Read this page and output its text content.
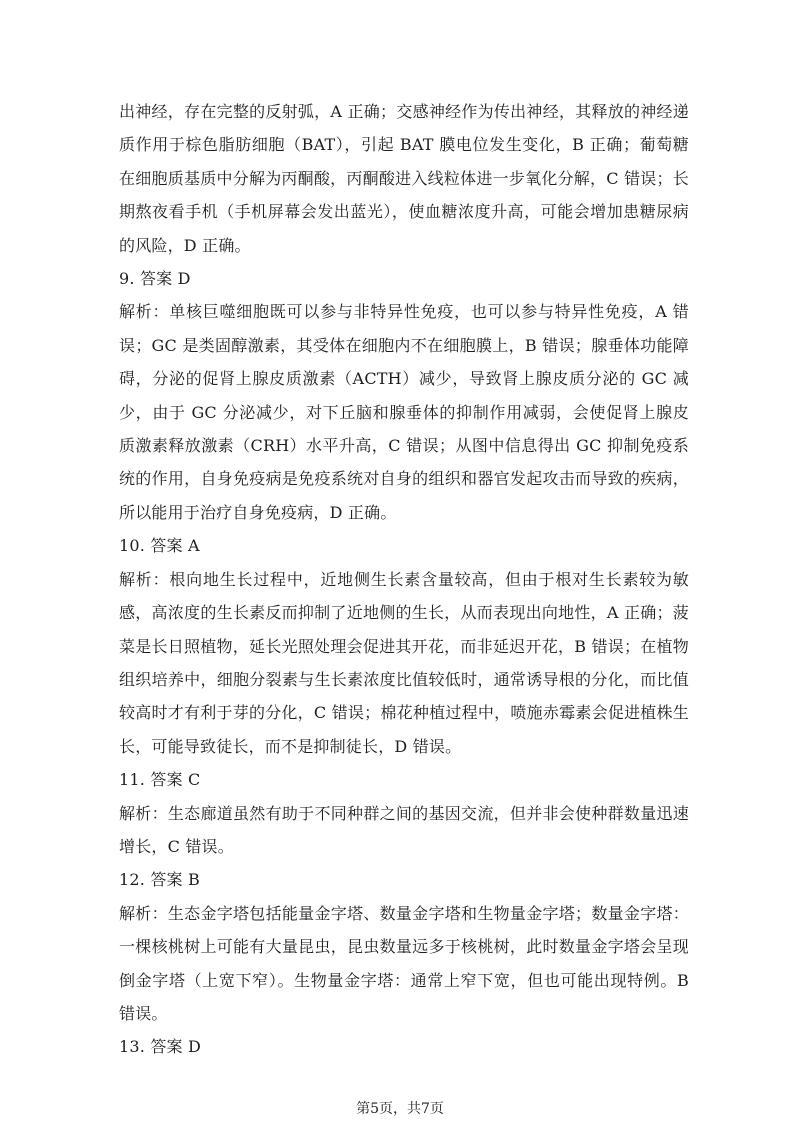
出神经，存在完整的反射弧，A 正确；交感神经作为传出神经，其释放的神经递质作用于棕色脂肪细胞（BAT），引起 BAT 膜电位发生变化，B 正确；葡萄糖在细胞质基质中分解为丙酮酸，丙酮酸进入线粒体进一步氧化分解，C 错误；长期熬夜看手机（手机屏幕会发出蓝光），使血糖浓度升高，可能会增加患糖尿病的风险，D 正确。

9. 答案 D

解析：单核巨噬细胞既可以参与非特异性免疫，也可以参与特异性免疫，A 错误；GC 是类固醇激素，其受体在细胞内不在细胞膜上，B 错误；腺垂体功能障碍，分泌的促肾上腺皮质激素（ACTH）减少，导致肾上腺皮质分泌的 GC 减少，由于 GC 分泌减少，对下丘脑和腺垂体的抑制作用减弱，会使促肾上腺皮质激素释放激素（CRH）水平升高，C 错误；从图中信息得出 GC 抑制免疫系统的作用，自身免疫病是免疫系统对自身的组织和器官发起攻击而导致的疾病，所以能用于治疗自身免疫病，D 正确。

10. 答案 A

解析：根向地生长过程中，近地侧生长素含量较高，但由于根对生长素较为敏感，高浓度的生长素反而抑制了近地侧的生长，从而表现出向地性，A 正确；菠菜是长日照植物，延长光照处理会促进其开花，而非延迟开花，B 错误；在植物组织培养中，细胞分裂素与生长素浓度比值较低时，通常诱导根的分化，而比值较高时才有利于芽的分化，C 错误；棉花种植过程中，喷施赤霉素会促进植株生长，可能导致徒长，而不是抑制徒长，D 错误。

11. 答案 C

解析：生态廊道虽然有助于不同种群之间的基因交流，但并非会使种群数量迅速增长，C 错误。

12. 答案 B

解析：生态金字塔包括能量金字塔、数量金字塔和生物量金字塔；数量金字塔：一棵核桃树上可能有大量昆虫，昆虫数量远多于核桃树，此时数量金字塔会呈现倒金字塔（上宽下窄）。生物量金字塔：通常上窄下宽，但也可能出现特例。B 错误。

13. 答案 D

第5页，共7页
